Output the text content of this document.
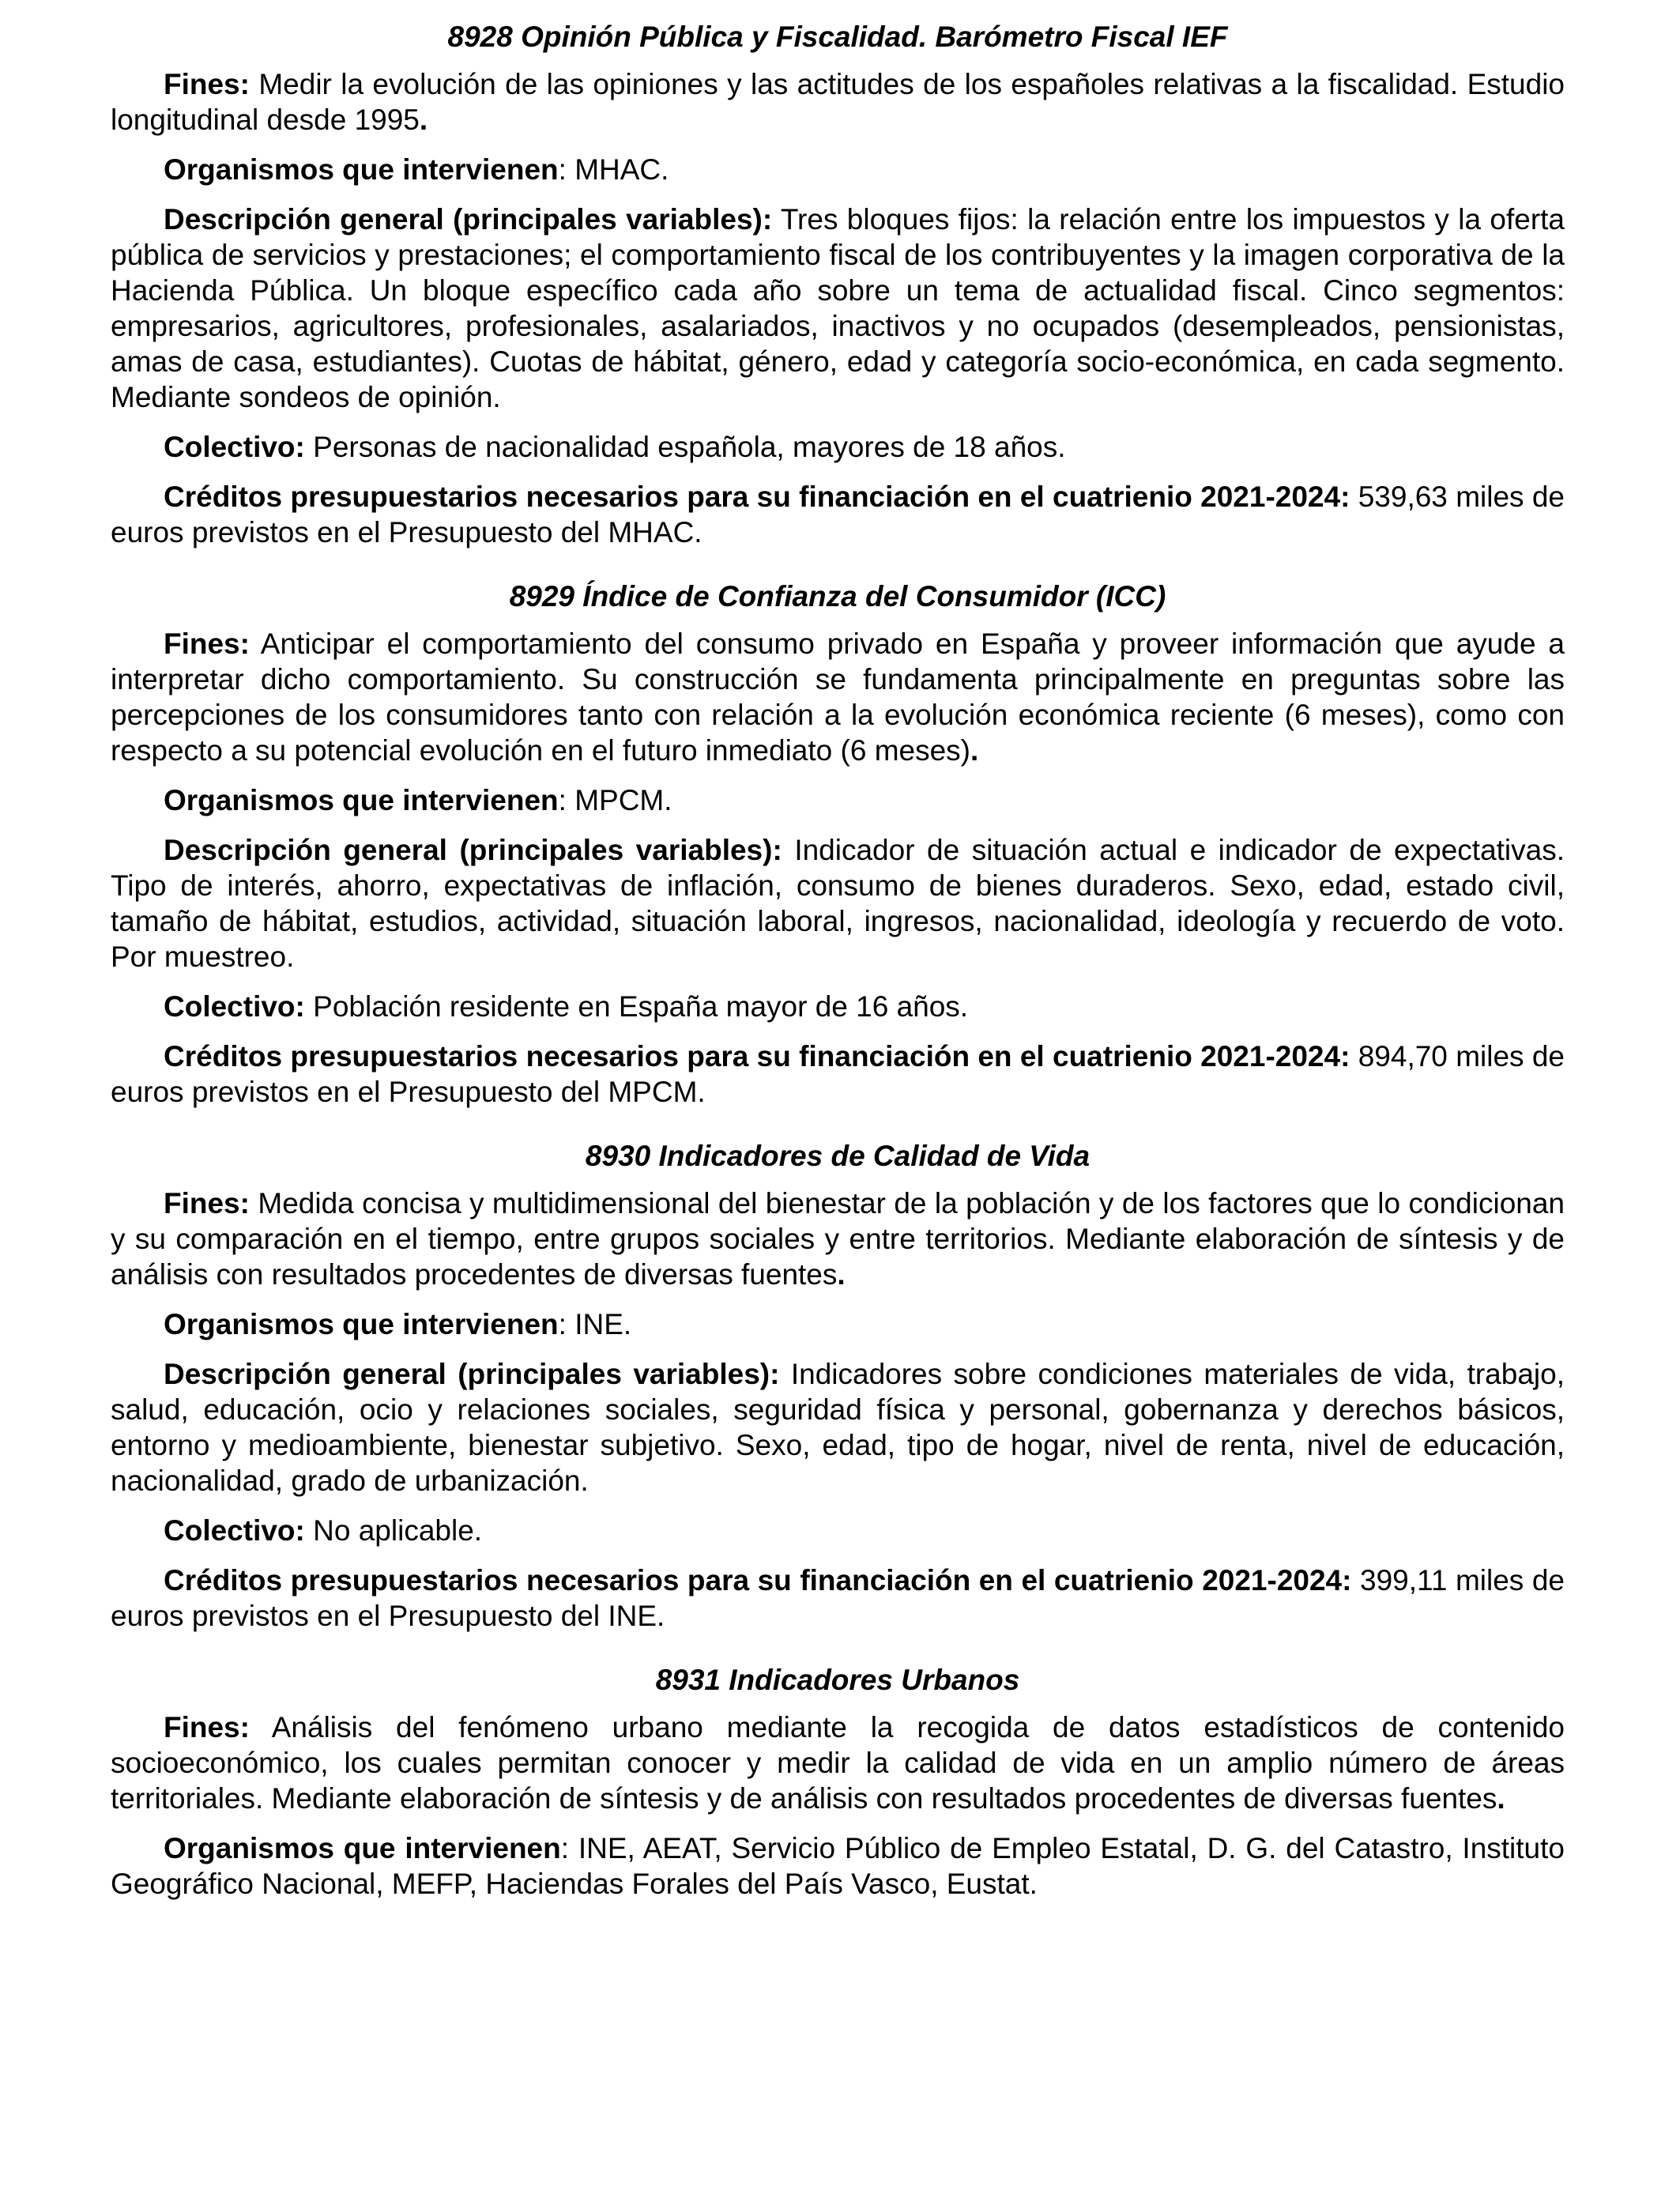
8928 Opinión Pública y Fiscalidad. Barómetro Fiscal IEF

Fines: Medir la evolución de las opiniones y las actitudes de los españoles relativas a la fiscalidad. Estudio longitudinal desde 1995.

Organismos que intervienen: MHAC.

Descripción general (principales variables): Tres bloques fijos: la relación entre los impuestos y la oferta pública de servicios y prestaciones; el comportamiento fiscal de los contribuyentes y la imagen corporativa de la Hacienda Pública. Un bloque específico cada año sobre un tema de actualidad fiscal. Cinco segmentos: empresarios, agricultores, profesionales, asalariados, inactivos y no ocupados (desempleados, pensionistas, amas de casa, estudiantes). Cuotas de hábitat, género, edad y categoría socio-económica, en cada segmento. Mediante sondeos de opinión.

Colectivo: Personas de nacionalidad española, mayores de 18 años.

Créditos presupuestarios necesarios para su financiación en el cuatrienio 2021-2024: 539,63 miles de euros previstos en el Presupuesto del MHAC.

8929 Índice de Confianza del Consumidor (ICC)

Fines: Anticipar el comportamiento del consumo privado en España y proveer información que ayude a interpretar dicho comportamiento. Su construcción se fundamenta principalmente en preguntas sobre las percepciones de los consumidores tanto con relación a la evolución económica reciente (6 meses), como con respecto a su potencial evolución en el futuro inmediato (6 meses).

Organismos que intervienen: MPCM.

Descripción general (principales variables): Indicador de situación actual e indicador de expectativas. Tipo de interés, ahorro, expectativas de inflación, consumo de bienes duraderos. Sexo, edad, estado civil, tamaño de hábitat, estudios, actividad, situación laboral, ingresos, nacionalidad, ideología y recuerdo de voto. Por muestreo.

Colectivo: Población residente en España mayor de 16 años.

Créditos presupuestarios necesarios para su financiación en el cuatrienio 2021-2024: 894,70 miles de euros previstos en el Presupuesto del MPCM.

8930 Indicadores de Calidad de Vida

Fines: Medida concisa y multidimensional del bienestar de la población y de los factores que lo condicionan y su comparación en el tiempo, entre grupos sociales y entre territorios. Mediante elaboración de síntesis y de análisis con resultados procedentes de diversas fuentes.

Organismos que intervienen: INE.

Descripción general (principales variables): Indicadores sobre condiciones materiales de vida, trabajo, salud, educación, ocio y relaciones sociales, seguridad física y personal, gobernanza y derechos básicos, entorno y medioambiente, bienestar subjetivo. Sexo, edad, tipo de hogar, nivel de renta, nivel de educación, nacionalidad, grado de urbanización.

Colectivo: No aplicable.

Créditos presupuestarios necesarios para su financiación en el cuatrienio 2021-2024: 399,11 miles de euros previstos en el Presupuesto del INE.

8931 Indicadores Urbanos

Fines: Análisis del fenómeno urbano mediante la recogida de datos estadísticos de contenido socioeconómico, los cuales permitan conocer y medir la calidad de vida en un amplio número de áreas territoriales. Mediante elaboración de síntesis y de análisis con resultados procedentes de diversas fuentes.

Organismos que intervienen: INE, AEAT, Servicio Público de Empleo Estatal, D. G. del Catastro, Instituto Geográfico Nacional, MEFP, Haciendas Forales del País Vasco, Eustat.
